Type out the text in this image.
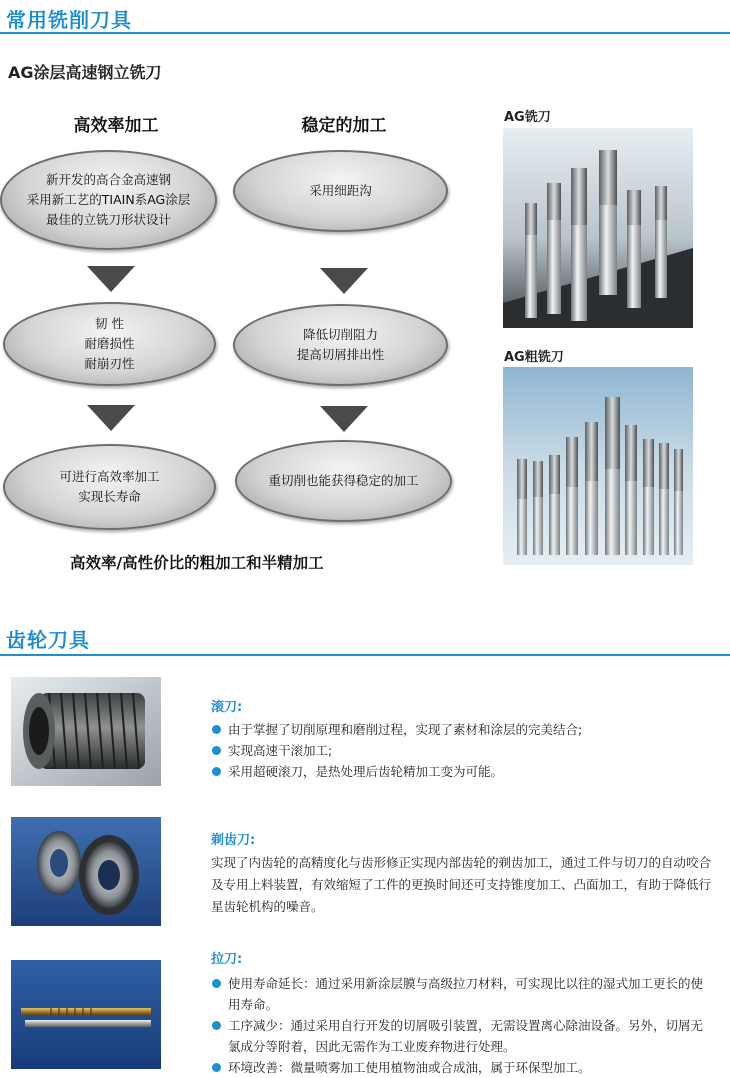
常用铣削刀具
AG涂层高速钢立铣刀
高效率加工	稳定的加工
新开发的高合金高速钢
采用新工艺的TIAIN系AG涂层
最佳的立铣刀形状设计
韧 性
耐磨损性
耐崩刃性
可进行高效率加工
实现长寿命
采用细距沟
降低切削阻力
提高切屑排出性
重切削也能获得稳定的加工
高效率/高性价比的粗加工和半精加工
AG铣刀
AG粗铣刀
齿轮刀具
滚刀:
由于掌握了切削原理和磨削过程，实现了素材和涂层的完美结合;
实现高速干滚加工;
采用超硬滚刀，是热处理后齿轮精加工变为可能。
剃齿刀:
实现了内齿轮的高精度化与齿形修正实现内部齿轮的剃齿加工，通过工件与切刀的自动咬合及专用上料装置，有效缩短了工件的更换时间还可支持锥度加工、凸面加工，有助于降低行星齿轮机构的噪音。
拉刀:
使用寿命延长：通过采用新涂层膜与高级拉刀材料，可实现比以往的湿式加工更长的使用寿命。
工序减少：通过采用自行开发的切屑吸引装置，无需设置离心除油设备。另外，切屑无氯成分等附着，因此无需作为工业废弃物进行处理。
环境改善：微量喷雾加工使用植物油或合成油，属于环保型加工。
